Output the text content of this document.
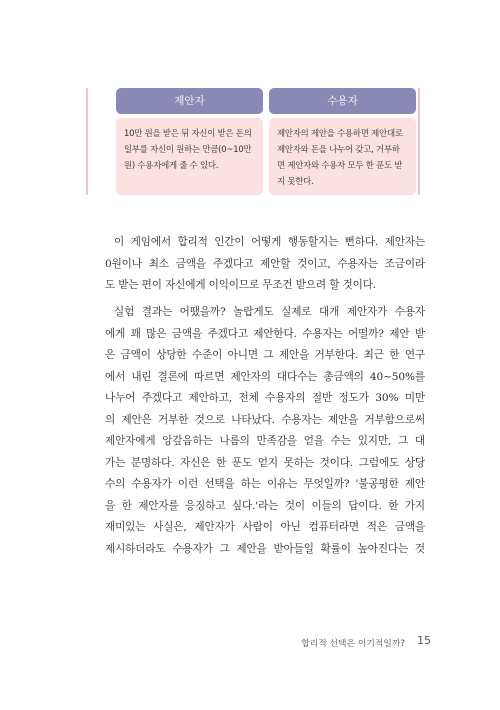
제안자
10만 원을 받은 뒤 자신이 받은 돈의
일부를 자신이 원하는 만큼(0~10만
원) 수용자에게 줄 수 있다.
수용자
제안자의 제안을 수용하면 제안대로
제안자와 돈을 나누어 갖고, 거부하
면 제안자와 수용자 모두 한 푼도 받
지 못한다.
이 게임에서 합리적 인간이 어떻게 행동할지는 뻔하다. 제안자는
0원이나 최소 금액을 주겠다고 제안할 것이고, 수용자는 조금이라
도 받는 편이 자신에게 이익이므로 무조건 받으려 할 것이다.
실험 결과는 어땠을까? 놀랍게도 실제로 대개 제안자가 수용자
에게 꽤 많은 금액을 주겠다고 제안한다. 수용자는 어떨까? 제안 받
은 금액이 상당한 수준이 아니면 그 제안을 거부한다. 최근 한 연구
에서 내린 결론에 따르면 제안자의 대다수는 총금액의 40~50%를
나누어 주겠다고 제안하고, 전체 수용자의 절반 정도가 30% 미만
의 제안은 거부한 것으로 나타났다. 수용자는 제안을 거부함으로써
제안자에게 앙갚음하는 나름의 만족감을 얻을 수는 있지만, 그 대
가는 분명하다. 자신은 한 푼도 얻지 못하는 것이다. 그럼에도 상당
수의 수용자가 이런 선택을 하는 이유는 무엇일까? '불공평한 제안
을 한 제안자를 응징하고 싶다.'라는 것이 이들의 답이다. 한 가지
재미있는 사실은, 제안자가 사람이 아닌 컴퓨터라면 적은 금액을
제시하더라도 수용자가 그 제안을 받아들일 확률이 높아진다는 것
합리적 선택은 이기적일까? 15
